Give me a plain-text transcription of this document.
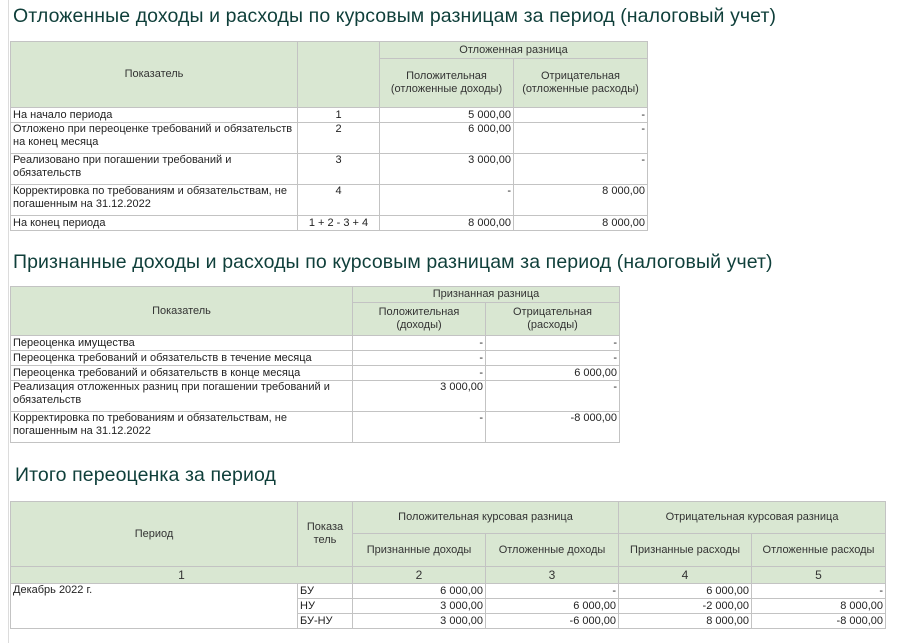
Отложенные доходы и расходы по курсовым разницам за период (налоговый учет)
Показатель		Отложенная разница	
		Положительная (отложенные доходы)	Отрицательная (отложенные расходы)
На начало периода	1	5 000,00	-
Отложено при переоценке требований и обязательств на конец месяца	2	6 000,00	-
Реализовано при погашении требований и обязательств	3	3 000,00	-
Корректировка по требованиям и обязательствам, не погашенным на 31.12.2022	4	-	8 000,00
На конец периода	1 + 2 - 3 + 4	8 000,00	8 000,00
Признанные доходы и расходы по курсовым разницам за период (налоговый учет)
Показатель	Признанная разница	
	Положительная (доходы)	Отрицательная (расходы)
Переоценка имущества	-	-
Переоценка требований и обязательств в течение месяца	-	-
Переоценка требований и обязательств в конце месяца	-	6 000,00
Реализация отложенных разниц при погашении требований и обязательств	3 000,00	-
Корректировка по требованиям и обязательствам, не погашенным на 31.12.2022	-	-8 000,00
Итого переоценка за период
Период	Показа тель	Положительная курсовая разница		Отрицательная курсовая разница	
		Признанные доходы	Отложенные доходы	Признанные расходы	Отложенные расходы
1		2	3	4	5
Декабрь 2022 г.	БУ	6 000,00	-	6 000,00	-
	НУ	3 000,00	6 000,00	-2 000,00	8 000,00
	БУ-НУ	3 000,00	-6 000,00	8 000,00	-8 000,00
